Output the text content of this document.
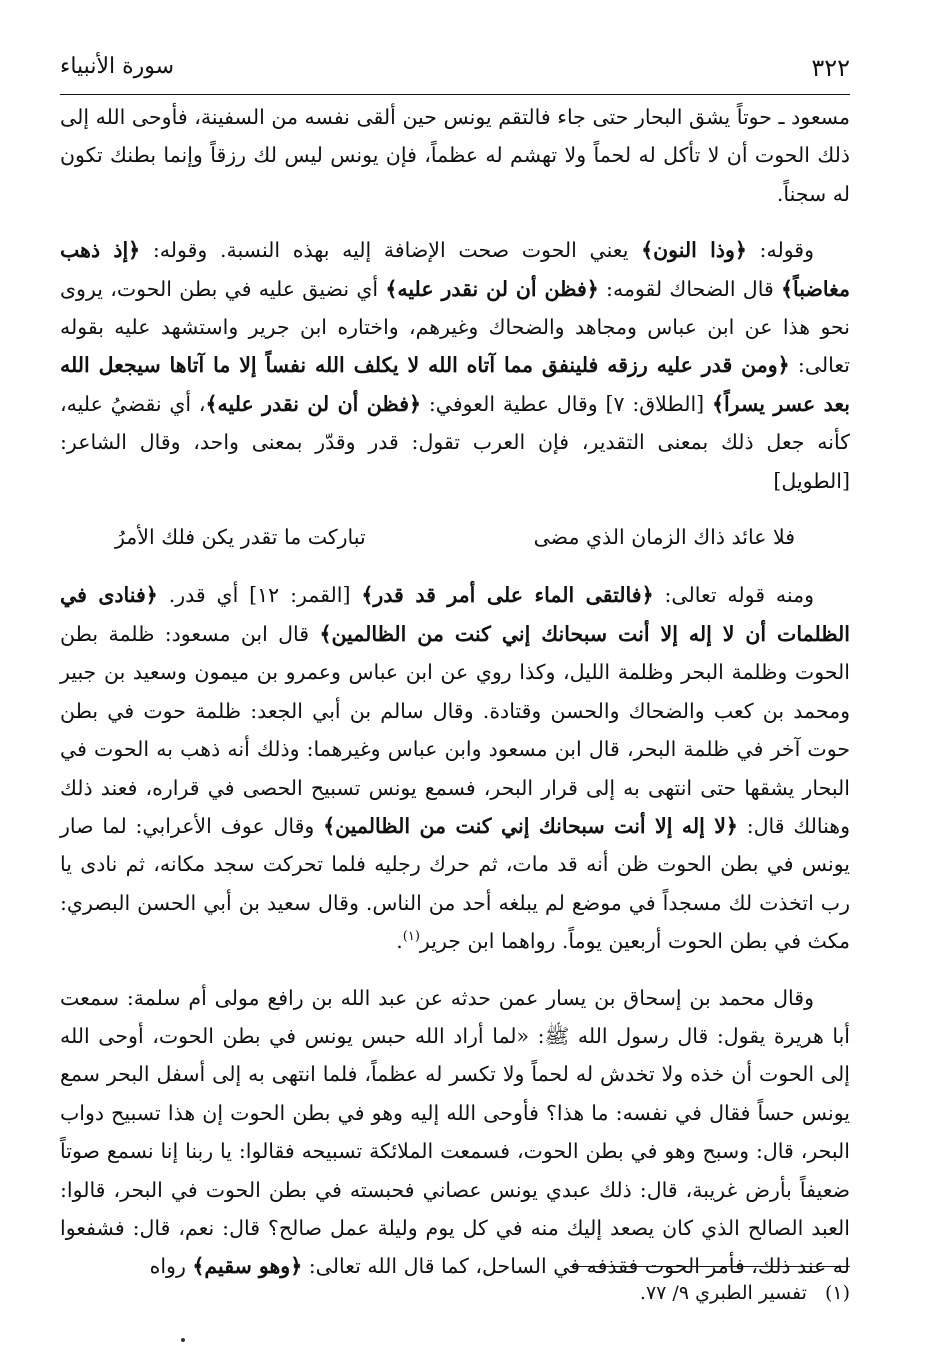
٣٢٢
سورة الأنبياء

مسعود ـ حوتاً يشق البحار حتى جاء فالتقم يونس حين ألقى نفسه من السفينة، فأوحى الله إلى ذلك الحوت أن لا تأكل له لحماً ولا تهشم له عظماً، فإن يونس ليس لك رزقاً وإنما بطنك تكون له سجناً.

وقوله: ﴿وذا النون﴾ يعني الحوت صحت الإضافة إليه بهذه النسبة. وقوله: ﴿إذ ذهب مغاضباً﴾ قال الضحاك لقومه: ﴿فظن أن لن نقدر عليه﴾ أي نضيق عليه في بطن الحوت، يروى نحو هذا عن ابن عباس ومجاهد والضحاك وغيرهم، واختاره ابن جرير واستشهد عليه بقوله تعالى: ﴿ومن قدر عليه رزقه فلينفق مما آتاه الله لا يكلف الله نفساً إلا ما آتاها سيجعل الله بعد عسر يسراً﴾ [الطلاق: ٧] وقال عطية العوفي: ﴿فظن أن لن نقدر عليه﴾، أي نقضيُ عليه، كأنه جعل ذلك بمعنى التقدير، فإن العرب تقول: قدر وقدّر بمعنى واحد، وقال الشاعر: [الطويل]

فلا عائد ذاك الزمان الذي مضى
تباركت ما تقدر يكن فلك الأمرُ

ومنه قوله تعالى: ﴿فالتقى الماء على أمر قد قدر﴾ [القمر: ١٢] أي قدر. ﴿فنادى في الظلمات أن لا إله إلا أنت سبحانك إني كنت من الظالمين﴾ قال ابن مسعود: ظلمة بطن الحوت وظلمة البحر وظلمة الليل، وكذا روي عن ابن عباس وعمرو بن ميمون وسعيد بن جبير ومحمد بن كعب والضحاك والحسن وقتادة. وقال سالم بن أبي الجعد: ظلمة حوت في بطن حوت آخر في ظلمة البحر، قال ابن مسعود وابن عباس وغيرهما: وذلك أنه ذهب به الحوت في البحار يشقها حتى انتهى به إلى قرار البحر، فسمع يونس تسبيح الحصى في قراره، فعند ذلك وهنالك قال: ﴿لا إله إلا أنت سبحانك إني كنت من الظالمين﴾ وقال عوف الأعرابي: لما صار يونس في بطن الحوت ظن أنه قد مات، ثم حرك رجليه فلما تحركت سجد مكانه، ثم نادى يا رب اتخذت لك مسجداً في موضع لم يبلغه أحد من الناس. وقال سعيد بن أبي الحسن البصري: مكث في بطن الحوت أربعين يوماً. رواهما ابن جرير$^{(١)}$.

وقال محمد بن إسحاق بن يسار عمن حدثه عن عبد الله بن رافع مولى أم سلمة: سمعت أبا هريرة يقول: قال رسول الله ﷺ: «لما أراد الله حبس يونس في بطن الحوت، أوحى الله إلى الحوت أن خذه ولا تخدش له لحماً ولا تكسر له عظماً، فلما انتهى به إلى أسفل البحر سمع يونس حساً فقال في نفسه: ما هذا؟ فأوحى الله إليه وهو في بطن الحوت إن هذا تسبيح دواب البحر، قال: وسبح وهو في بطن الحوت، فسمعت الملائكة تسبيحه فقالوا: يا ربنا إنا نسمع صوتاً ضعيفاً بأرض غريبة، قال: ذلك عبدي يونس عصاني فحبسته في بطن الحوت في البحر، قالوا: العبد الصالح الذي كان يصعد إليك منه في كل يوم وليلة عمل صالح؟ قال: نعم، قال: فشفعوا له عند ذلك، فأمر الحوت فقذفه في الساحل، كما قال الله تعالى: ﴿وهو سقيم﴾ رواه

(١)تفسير الطبري ٩/ ٧٧.
